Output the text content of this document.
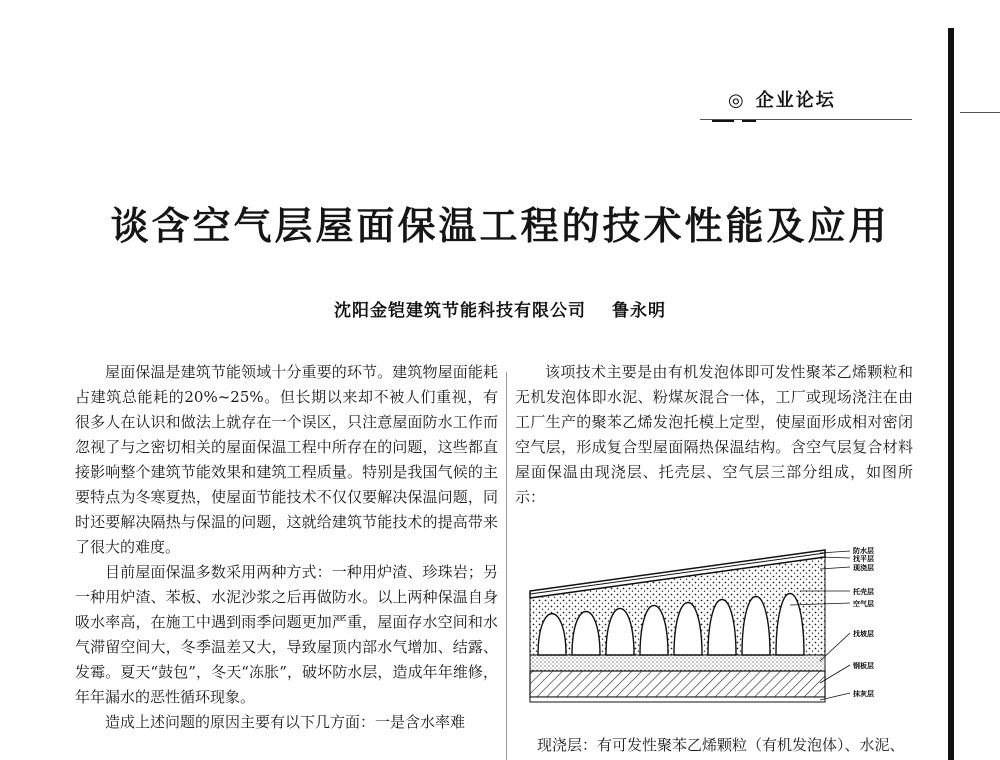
◎ 企业论坛
谈含空气层屋面保温工程的技术性能及应用
沈阳金铠建筑节能科技有限公司 鲁永明

屋面保温是建筑节能领域十分重要的环节。建筑物屋面能耗占建筑总能耗的20%~25%。但长期以来却不被人们重视，有很多人在认识和做法上就存在一个误区，只注意屋面防水工作而忽视了与之密切相关的屋面保温工程中所存在的问题，这些都直接影响整个建筑节能效果和建筑工程质量。特别是我国气候的主要特点为冬寒夏热，使屋面节能技术不仅仅要解决保温问题，同时还要解决隔热与保温的问题，这就给建筑节能技术的提高带来了很大的难度。

目前屋面保温多数采用两种方式：一种用炉渣、珍珠岩；另一种用炉渣、苯板、水泥沙浆之后再做防水。以上两种保温自身吸水率高，在施工中遇到雨季问题更加严重，屋面存水空间和水气滞留空间大，冬季温差又大，导致屋顶内部水气增加、结露、发霉。夏天“鼓包”，冬天“冻胀”，破坏防水层，造成年年维修，年年漏水的恶性循环现象。

造成上述问题的原因主要有以下几方面：一是含水率难

该项技术主要是由有机发泡体即可发性聚苯乙烯颗粒和无机发泡体即水泥、粉煤灰混合一体，工厂或现场浇注在由工厂生产的聚苯乙烯发泡托模上定型，使屋面形成相对密闭空气层，形成复合型屋面隔热保温结构。含空气层复合材料屋面保温由现浇层、托壳层、空气层三部分组成，如图所示：

防水层
找平层
现浇层
托壳层
空气层
找坡层
钢板层
抹灰层
现浇层：有可发性聚苯乙烯颗粒（有机发泡体）、水泥、
